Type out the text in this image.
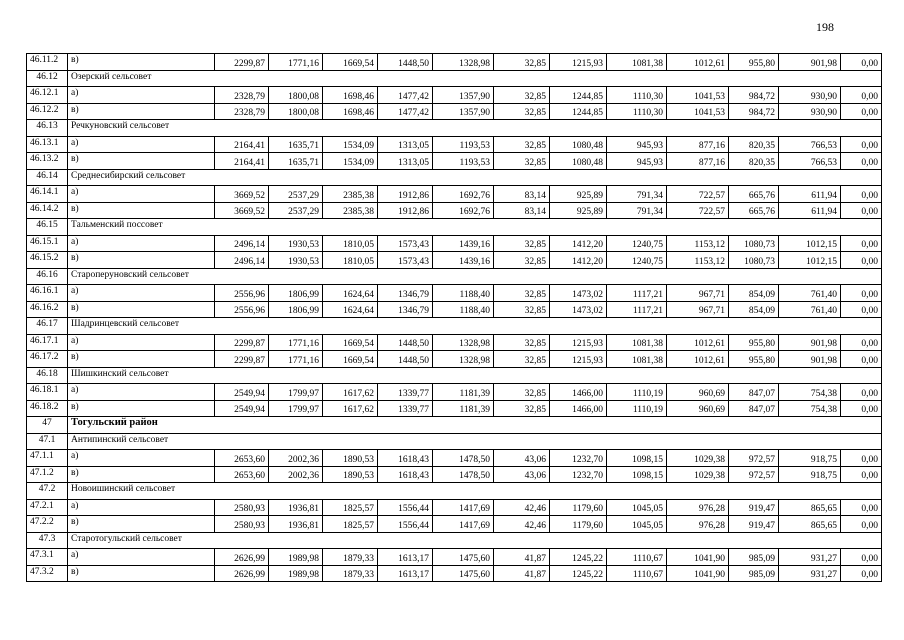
198
46.11.2	в)	2299,87	1771,16	1669,54	1448,50	1328,98	32,85	1215,93	1081,38	1012,61	955,80	901,98	0,00
46.12	Озерский сельсовет												
46.12.1	а)	2328,79	1800,08	1698,46	1477,42	1357,90	32,85	1244,85	1110,30	1041,53	984,72	930,90	0,00
46.12.2	в)	2328,79	1800,08	1698,46	1477,42	1357,90	32,85	1244,85	1110,30	1041,53	984,72	930,90	0,00
46.13	Речкуновский сельсовет												
46.13.1	а)	2164,41	1635,71	1534,09	1313,05	1193,53	32,85	1080,48	945,93	877,16	820,35	766,53	0,00
46.13.2	в)	2164,41	1635,71	1534,09	1313,05	1193,53	32,85	1080,48	945,93	877,16	820,35	766,53	0,00
46.14	Среднесибирский сельсовет												
46.14.1	а)	3669,52	2537,29	2385,38	1912,86	1692,76	83,14	925,89	791,34	722,57	665,76	611,94	0,00
46.14.2	в)	3669,52	2537,29	2385,38	1912,86	1692,76	83,14	925,89	791,34	722,57	665,76	611,94	0,00
46.15	Тальменский поссовет												
46.15.1	а)	2496,14	1930,53	1810,05	1573,43	1439,16	32,85	1412,20	1240,75	1153,12	1080,73	1012,15	0,00
46.15.2	в)	2496,14	1930,53	1810,05	1573,43	1439,16	32,85	1412,20	1240,75	1153,12	1080,73	1012,15	0,00
46.16	Староперуновский сельсовет												
46.16.1	а)	2556,96	1806,99	1624,64	1346,79	1188,40	32,85	1473,02	1117,21	967,71	854,09	761,40	0,00
46.16.2	в)	2556,96	1806,99	1624,64	1346,79	1188,40	32,85	1473,02	1117,21	967,71	854,09	761,40	0,00
46.17	Шадринцевский сельсовет												
46.17.1	а)	2299,87	1771,16	1669,54	1448,50	1328,98	32,85	1215,93	1081,38	1012,61	955,80	901,98	0,00
46.17.2	в)	2299,87	1771,16	1669,54	1448,50	1328,98	32,85	1215,93	1081,38	1012,61	955,80	901,98	0,00
46.18	Шишкинский сельсовет												
46.18.1	а)	2549,94	1799,97	1617,62	1339,77	1181,39	32,85	1466,00	1110,19	960,69	847,07	754,38	0,00
46.18.2	в)	2549,94	1799,97	1617,62	1339,77	1181,39	32,85	1466,00	1110,19	960,69	847,07	754,38	0,00
47	Тогульский район												
47.1	Антипинский сельсовет												
47.1.1	а)	2653,60	2002,36	1890,53	1618,43	1478,50	43,06	1232,70	1098,15	1029,38	972,57	918,75	0,00
47.1.2	в)	2653,60	2002,36	1890,53	1618,43	1478,50	43,06	1232,70	1098,15	1029,38	972,57	918,75	0,00
47.2	Новоишинский сельсовет												
47.2.1	а)	2580,93	1936,81	1825,57	1556,44	1417,69	42,46	1179,60	1045,05	976,28	919,47	865,65	0,00
47.2.2	в)	2580,93	1936,81	1825,57	1556,44	1417,69	42,46	1179,60	1045,05	976,28	919,47	865,65	0,00
47.3	Старотогульский сельсовет												
47.3.1	а)	2626,99	1989,98	1879,33	1613,17	1475,60	41,87	1245,22	1110,67	1041,90	985,09	931,27	0,00
47.3.2	в)	2626,99	1989,98	1879,33	1613,17	1475,60	41,87	1245,22	1110,67	1041,90	985,09	931,27	0,00
